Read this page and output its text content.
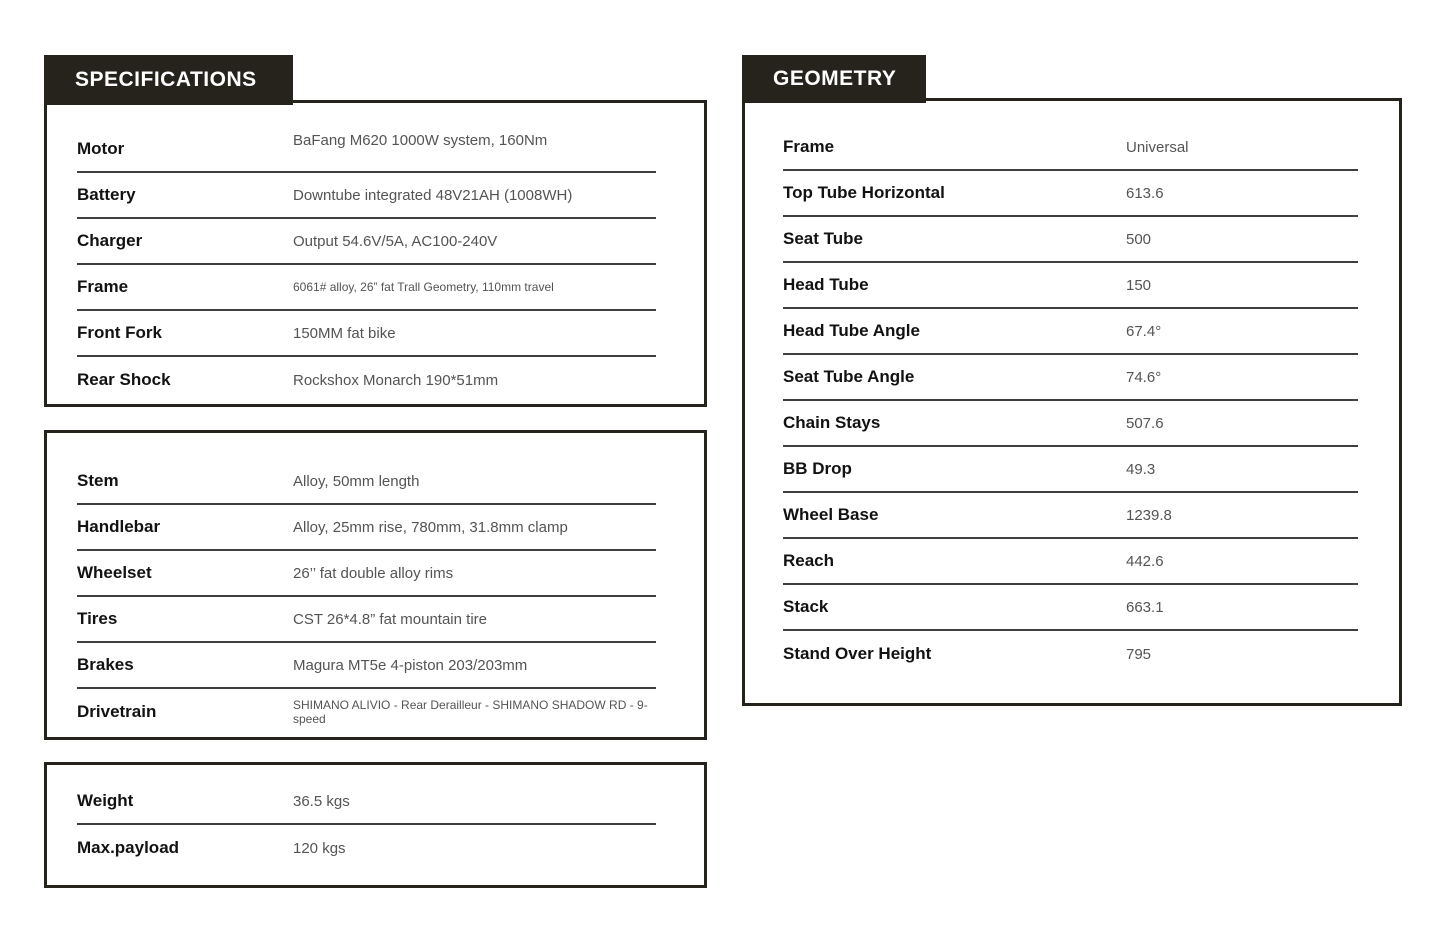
SPECIFICATIONS
Motor	BaFang M620 1000W system, 160Nm
Battery	Downtube integrated 48V21AH (1008WH)
Charger	Output 54.6V/5A, AC100-240V
Frame	6061# alloy, 26” fat Trall Geometry, 110mm travel
Front Fork	150MM fat bike
Rear Shock	Rockshox Monarch 190*51mm
Stem	Alloy, 50mm length
Handlebar	Alloy, 25mm rise, 780mm, 31.8mm clamp
Wheelset	26’’ fat double alloy rims
Tires	CST 26*4.8” fat mountain tire
Brakes	Magura MT5e 4-piston 203/203mm
Drivetrain	SHIMANO ALIVIO - Rear Derailleur - SHIMANO SHADOW RD - 9-speed
Weight	36.5 kgs
Max.payload	120 kgs
GEOMETRY
Frame	Universal
Top Tube Horizontal	613.6
Seat Tube	500
Head Tube	150
Head Tube Angle	67.4°
Seat Tube Angle	74.6°
Chain Stays	507.6
BB Drop	49.3
Wheel Base	1239.8
Reach	442.6
Stack	663.1
Stand Over Height	795
